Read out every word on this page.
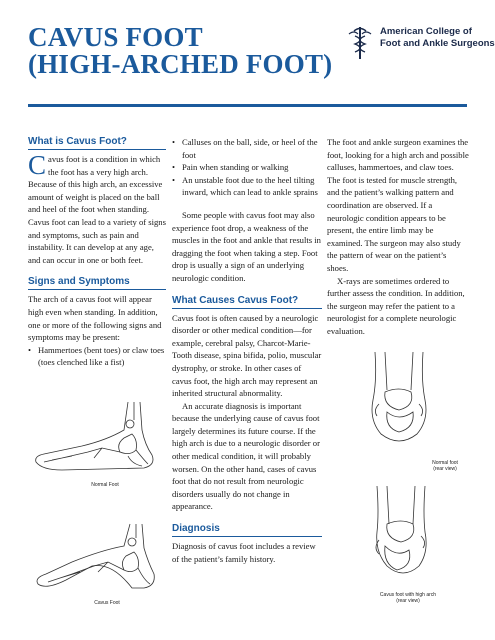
CAVUS FOOT
(HIGH-ARCHED FOOT)
American College of
Foot and Ankle Surgeons
What is Cavus Foot?

Cavus foot is a condition in which the foot has a very high arch. Because of this high arch, an excessive amount of weight is placed on the ball and heel of the foot when standing. Cavus foot can lead to a variety of signs and symptoms, such as pain and instability. It can develop at any age, and can occur in one or both feet.

Signs and Symptoms

The arch of a cavus foot will appear high even when standing. In addition, one or more of the following signs and symptoms may be present:

• Hammertoes (bent toes) or claw toes (toes clenched like a fist)
Normal Foot
Cavus Foot
• Calluses on the ball, side, or heel of the foot
• Pain when standing or walking
• An unstable foot due to the heel tilting inward, which can lead to ankle sprains

Some people with cavus foot may also experience foot drop, a weakness of the muscles in the foot and ankle that results in dragging the foot when taking a step. Foot drop is usually a sign of an underlying neurologic condition.

What Causes Cavus Foot?

Cavus foot is often caused by a neurologic disorder or other medical condition—for example, cerebral palsy, Charcot-Marie-Tooth disease, spina bifida, polio, muscular dystrophy, or stroke. In other cases of cavus foot, the high arch may represent an inherited structural abnormality.

An accurate diagnosis is important because the underlying cause of cavus foot largely determines its future course. If the high arch is due to a neurologic disorder or other medical condition, it will probably worsen. On the other hand, cases of cavus foot that do not result from neurologic disorders usually do not change in appearance.

Diagnosis

Diagnosis of cavus foot includes a review of the patient’s family history.

The foot and ankle surgeon examines the foot, looking for a high arch and possible calluses, hammertoes, and claw toes. The foot is tested for muscle strength, and the patient’s walking pattern and coordination are observed. If a neurologic condition appears to be present, the entire limb may be examined. The surgeon may also study the pattern of wear on the patient’s shoes.

X-rays are sometimes ordered to further assess the condition. In addition, the surgeon may refer the patient to a neurologist for a complete neurologic evaluation.

Normal foot
(rear view)
Cavus foot with high arch
(rear view)
